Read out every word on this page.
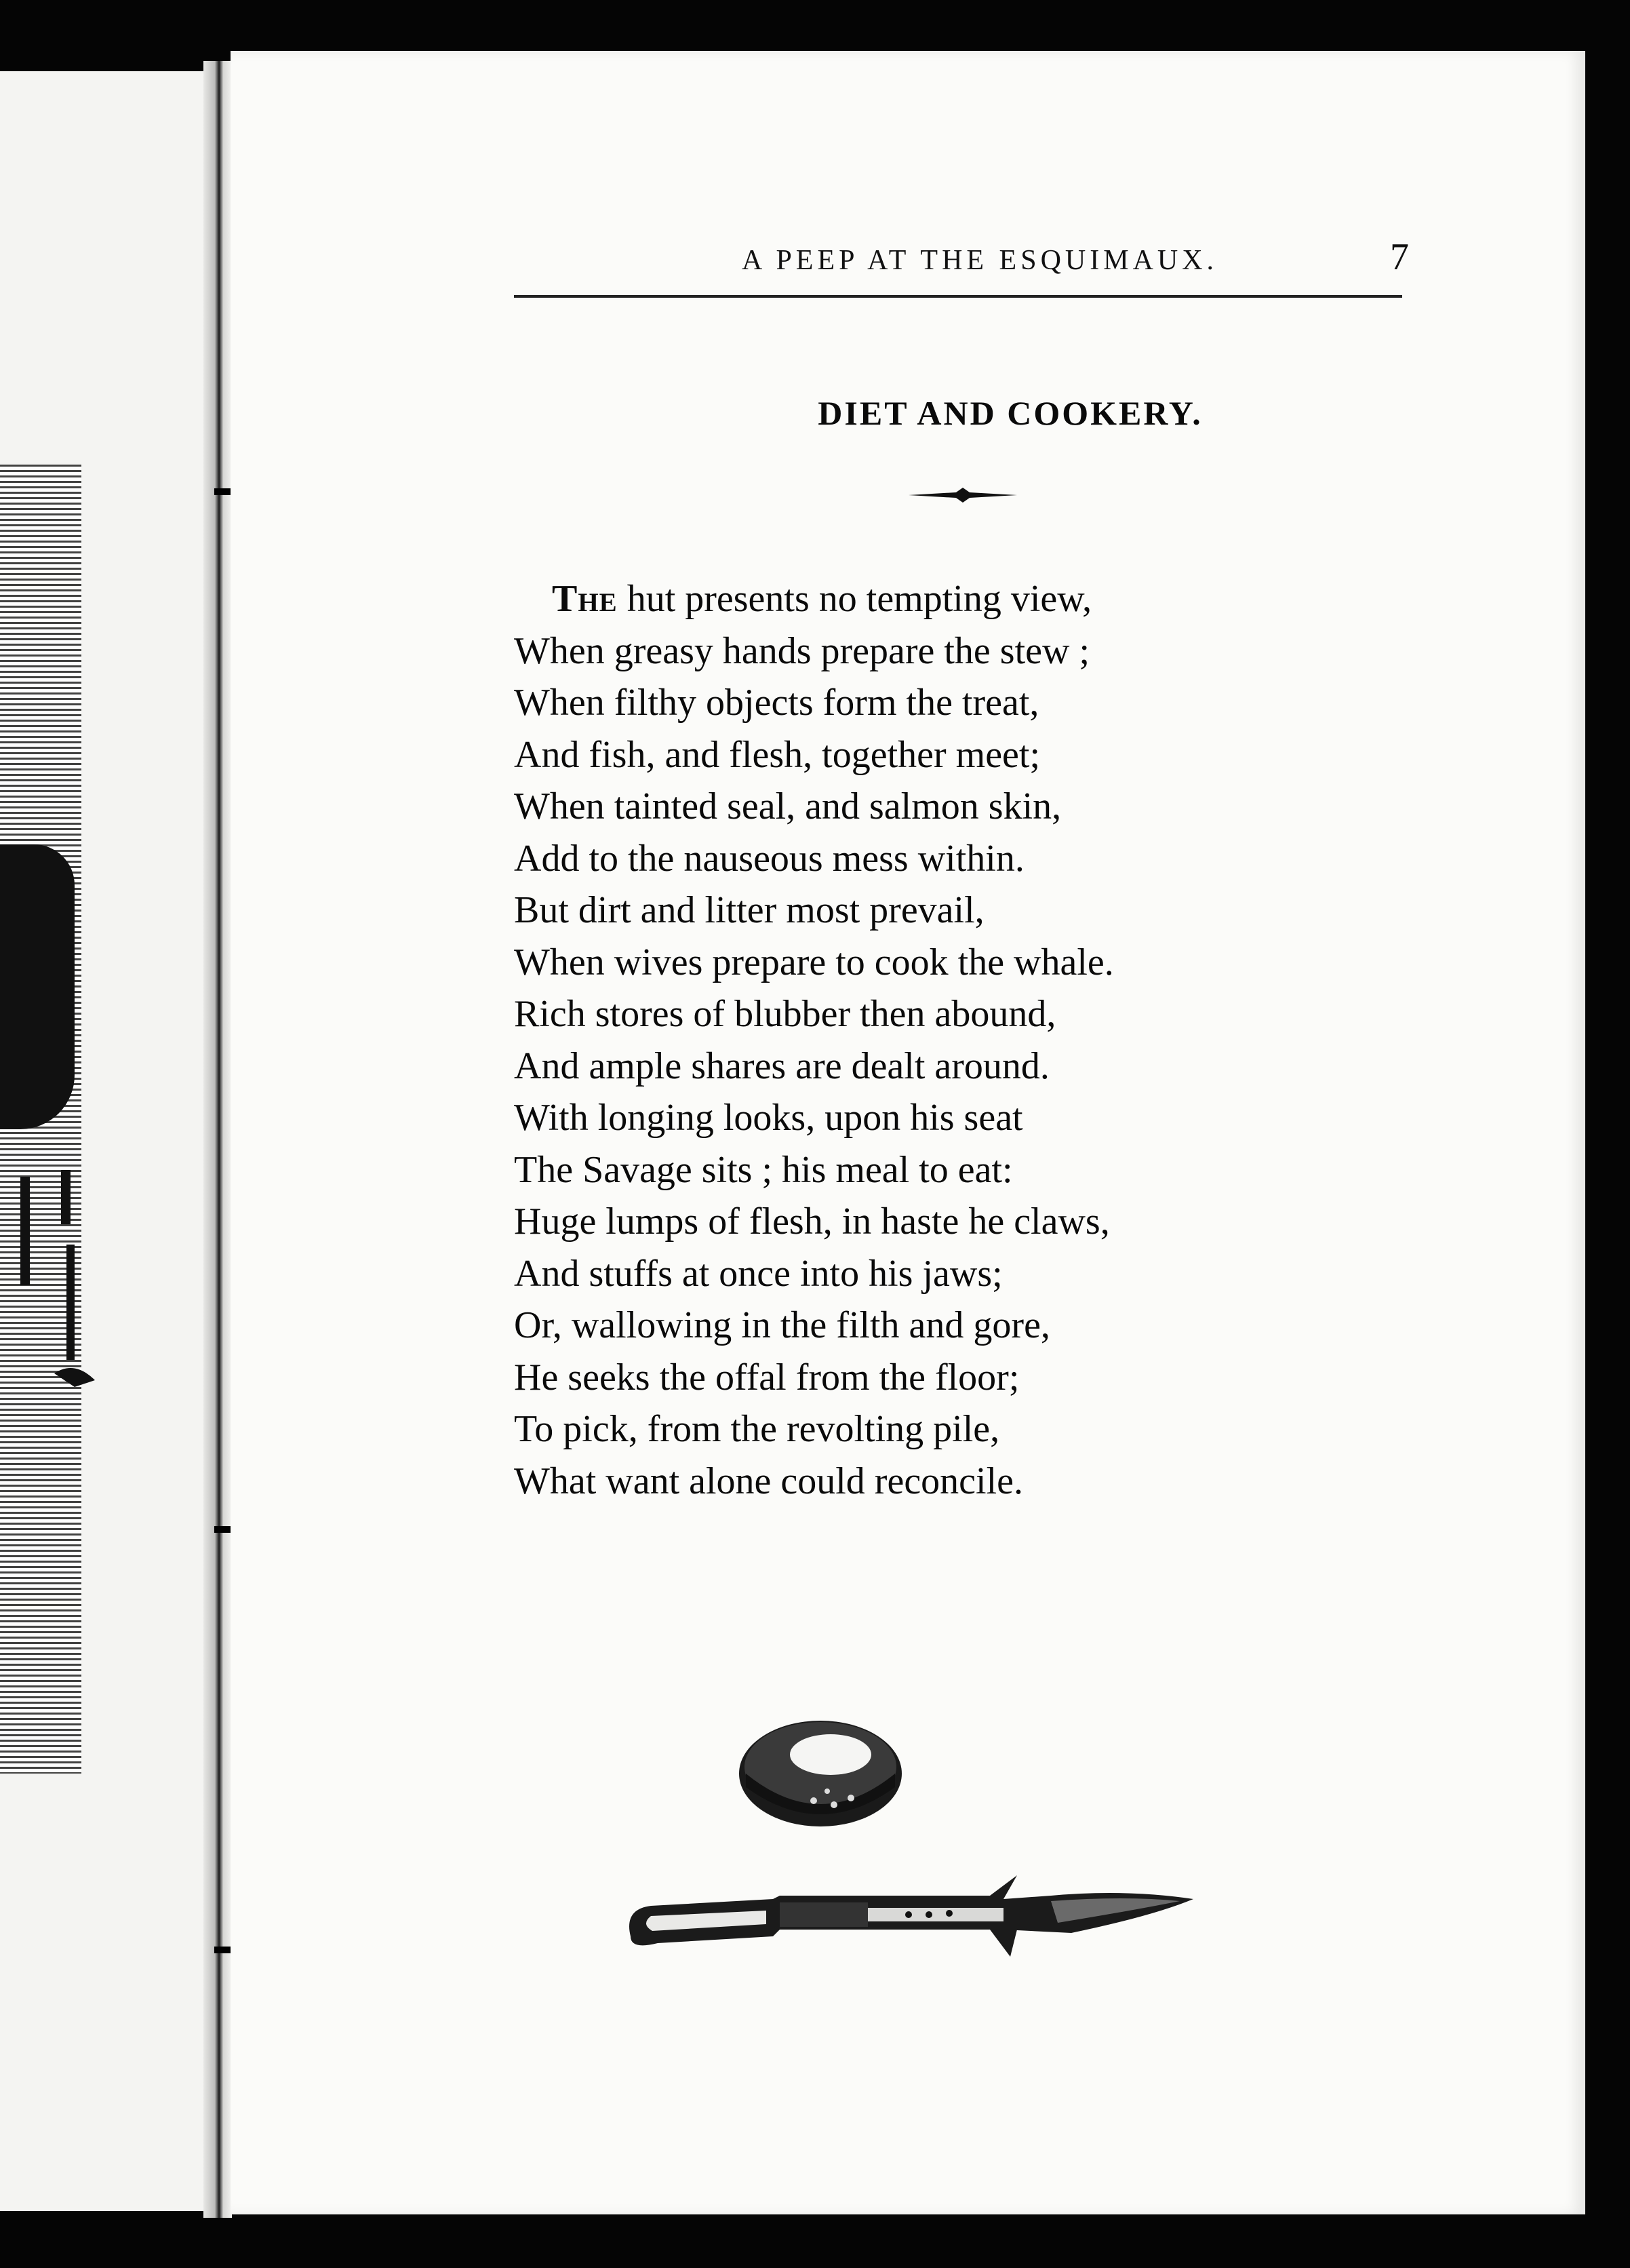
A PEEP AT THE ESQUIMAUX.	7
DIET AND COOKERY.
The hut presents no tempting view,
When greasy hands prepare the stew ;
When filthy objects form the treat,
And fish, and flesh, together meet;
When tainted seal, and salmon skin,
Add to the nauseous mess within.
But dirt and litter most prevail,
When wives prepare to cook the whale.
Rich stores of blubber then abound,
And ample shares are dealt around.
With longing looks, upon his seat
The Savage sits ; his meal to eat:
Huge lumps of flesh, in haste he claws,
And stuffs at once into his jaws;
Or, wallowing in the filth and gore,
He seeks the offal from the floor;
To pick, from the revolting pile,
What want alone could reconcile.
